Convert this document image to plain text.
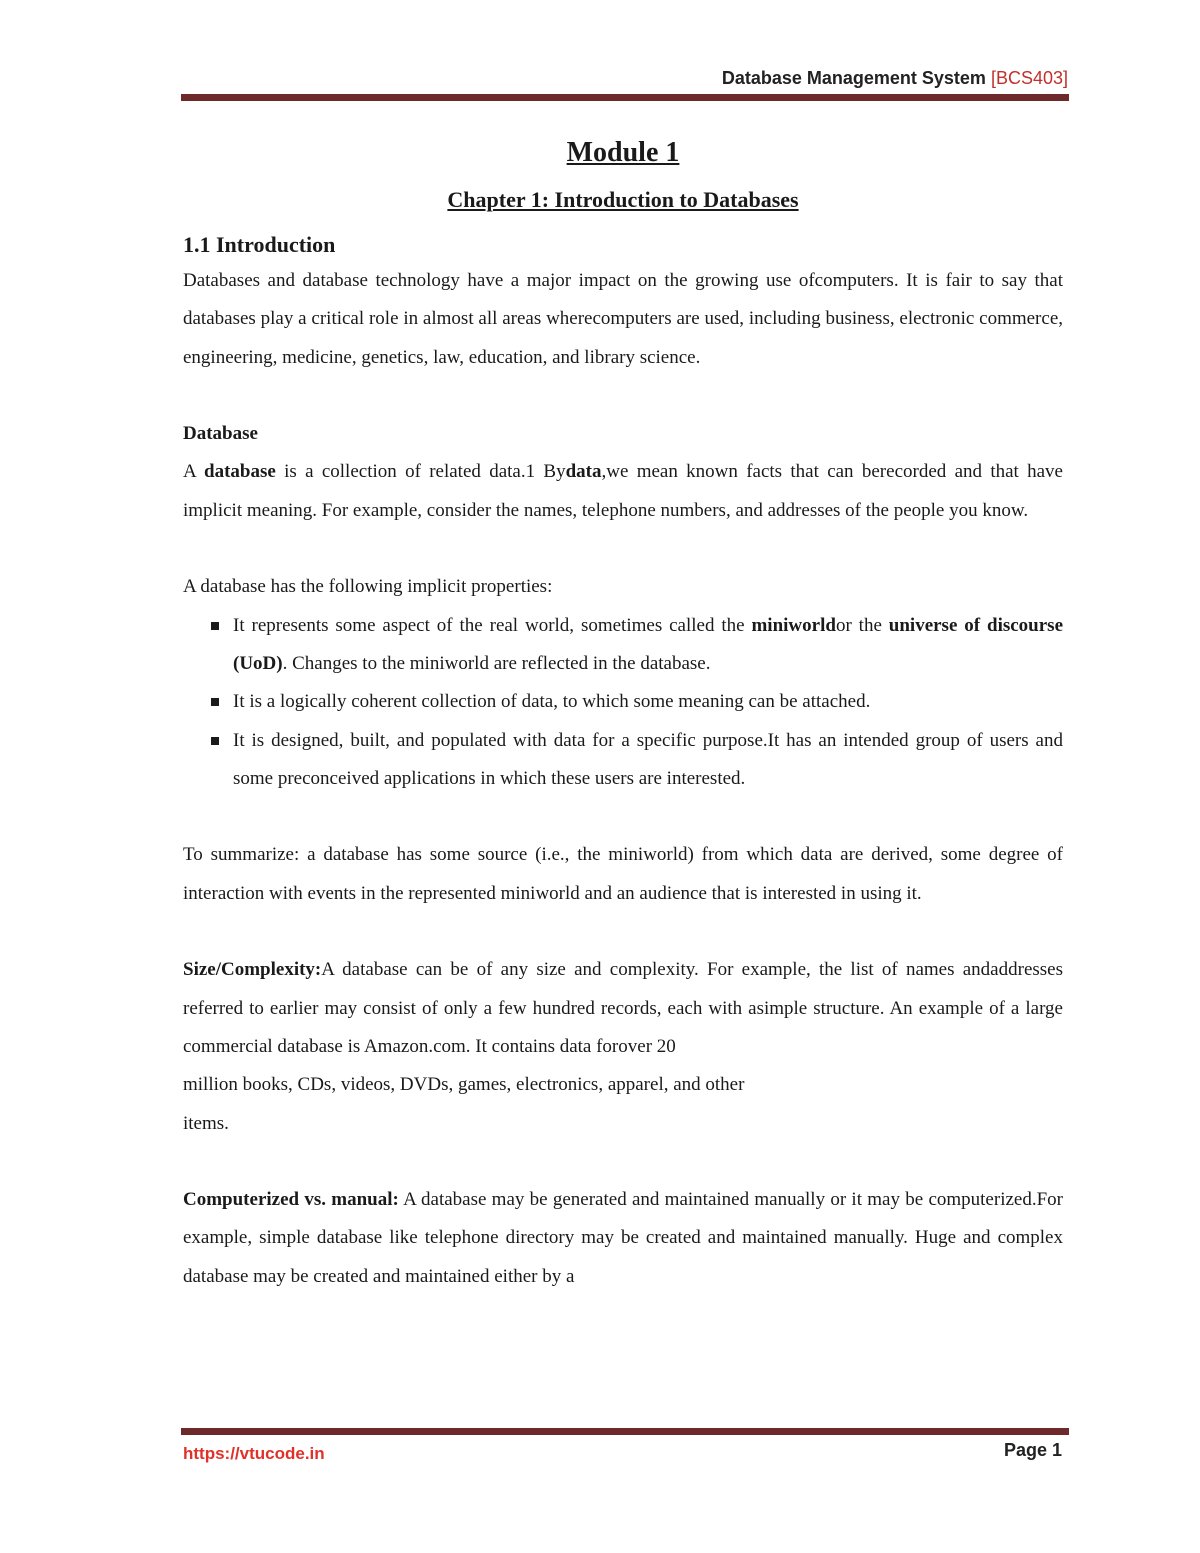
Database Management System [BCS403]
Module 1
Chapter 1: Introduction to Databases
1.1 Introduction

Databases and database technology have a major impact on the growing use ofcomputers. It is fair to say that databases play a critical role in almost all areas wherecomputers are used, including business, electronic commerce, engineering, medicine, genetics, law, education, and library science.

Database

A database is a collection of related data.1 Bydata,we mean known facts that can berecorded and that have implicit meaning. For example, consider the names, telephone numbers, and addresses of the people you know.

A database has the following implicit properties:

It represents some aspect of the real world, sometimes called the miniworldor the universe of discourse (UoD). Changes to the miniworld are reflected in the database.
It is a logically coherent collection of data, to which some meaning can be attached.
It is designed, built, and populated with data for a specific purpose.It has an intended group of users and some preconceived applications in which these users are interested.

To summarize: a database has some source (i.e., the miniworld) from which data are derived, some degree of interaction with events in the represented miniworld and an audience that is interested in using it.

Size/Complexity:A database can be of any size and complexity. For example, the list of names andaddresses referred to earlier may consist of only a few hundred records, each with asimple structure. An example of a large commercial database is Amazon.com. It contains data forover 20

million books, CDs, videos, DVDs, games, electronics, apparel, and other

items.

Computerized vs. manual: A database may be generated and maintained manually or it may be computerized.For example, simple database like telephone directory may be created and maintained manually. Huge and complex database may be created and maintained either by a

https://vtucode.in	Page 1
